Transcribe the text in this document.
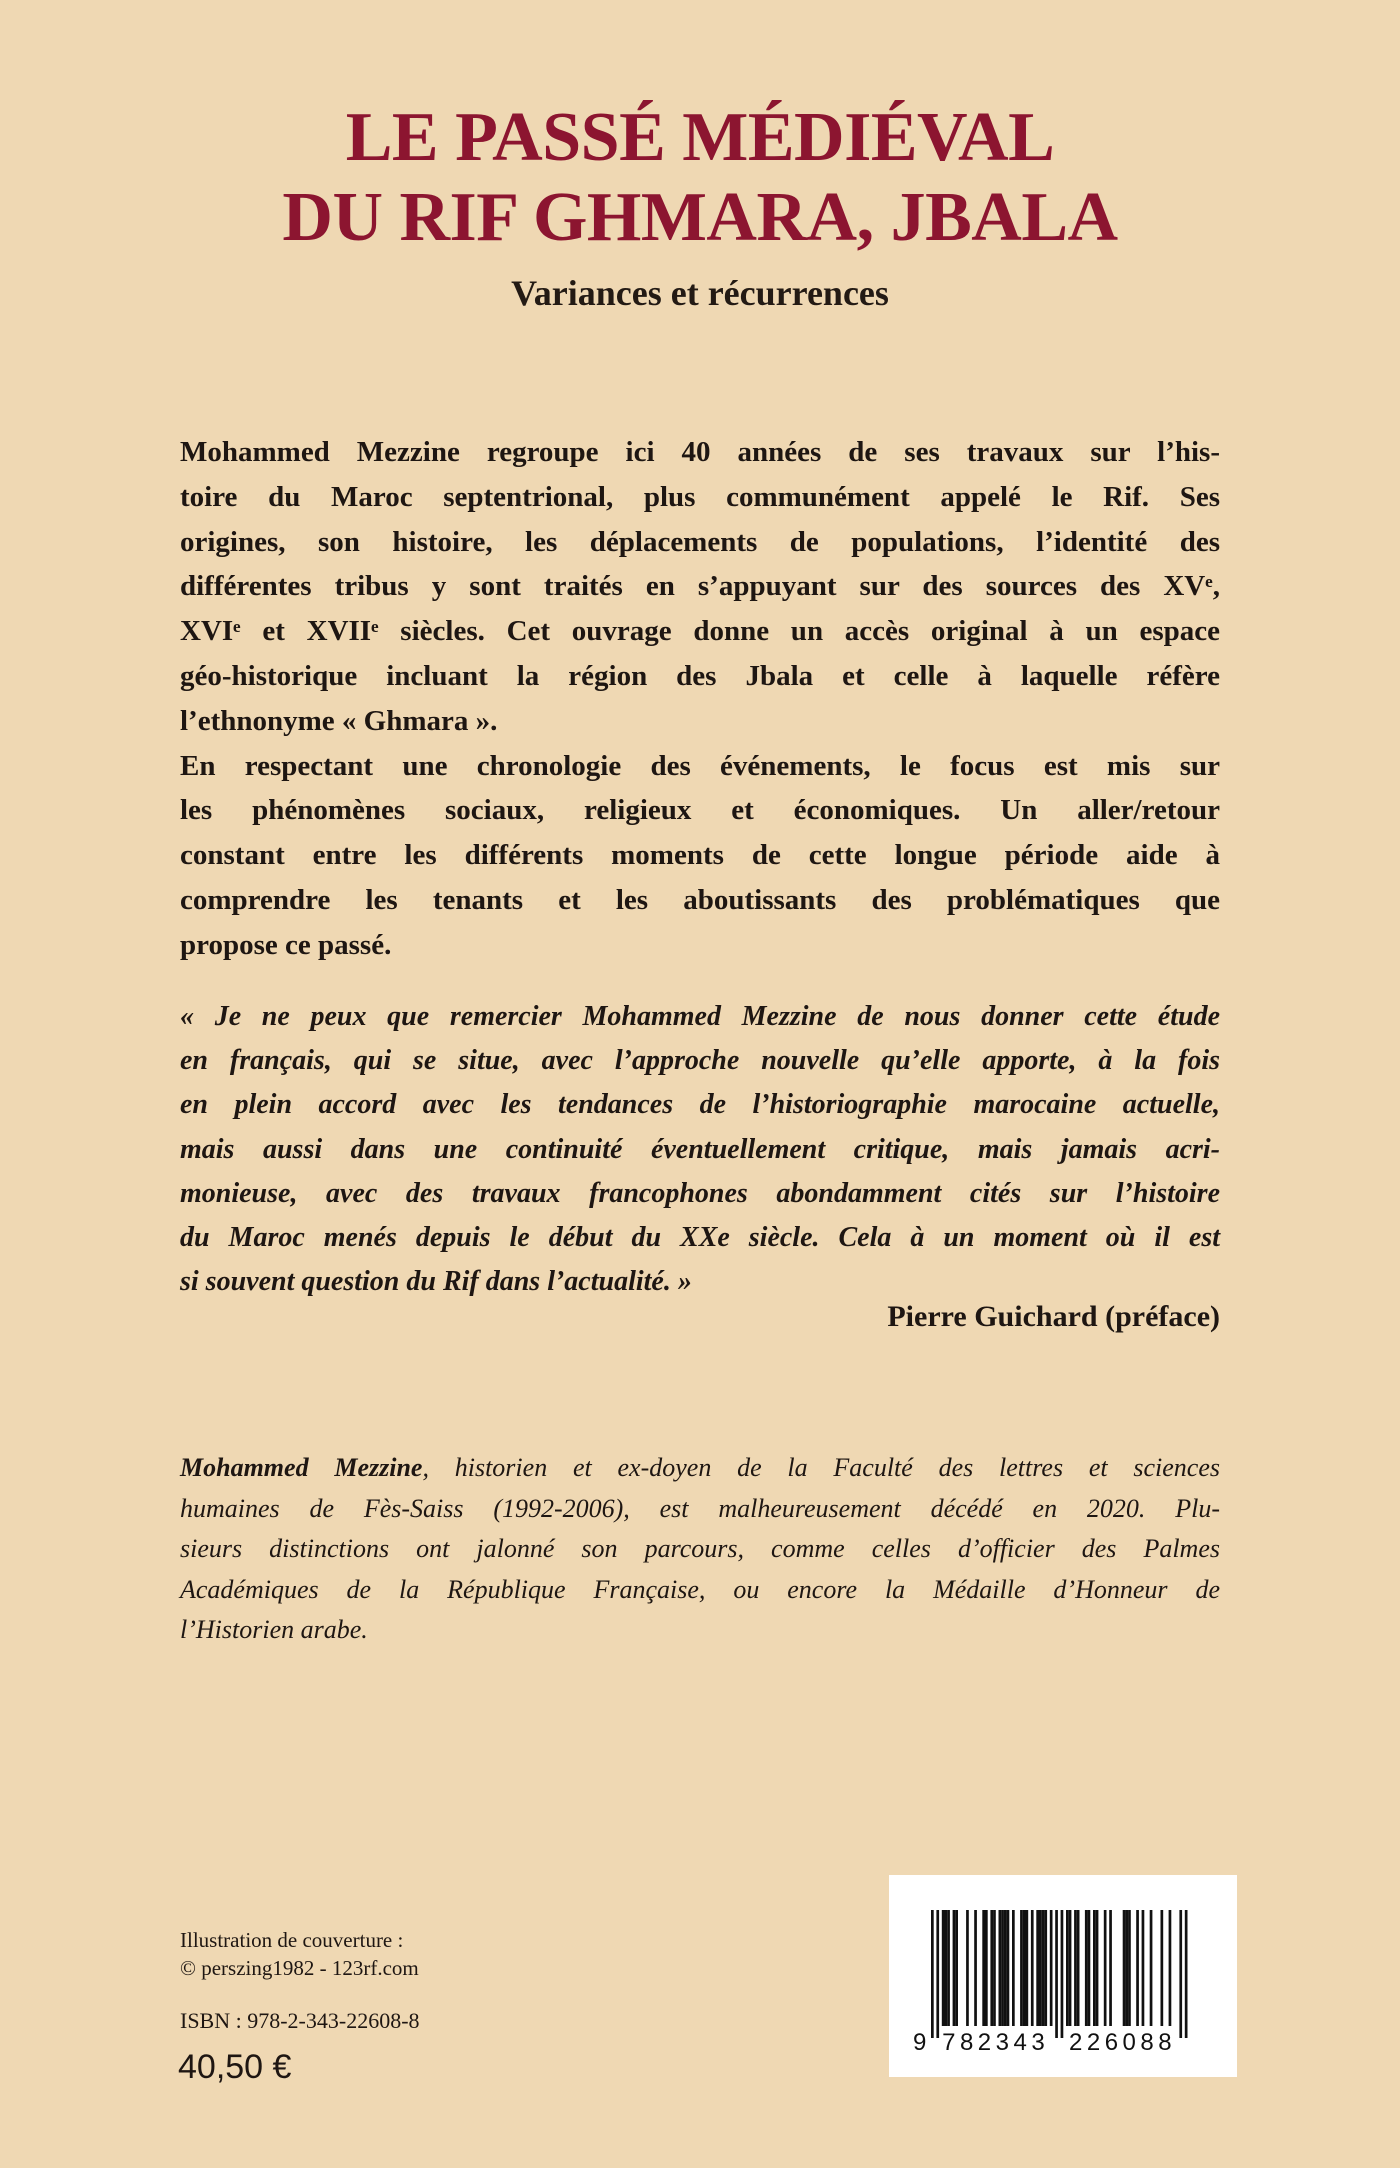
LE PASSÉ MÉDIÉVAL
DU RIF GHMARA, JBALA
Variances et récurrences
Mohammed Mezzine regroupe ici 40 années de ses travaux sur l’his-
toire du Maroc septentrional, plus communément appelé le Rif. Ses
origines, son histoire, les déplacements de populations, l’identité des
différentes tribus y sont traités en s’appuyant sur des sources des XVᵉ,
XVIᵉ et XVIIᵉ siècles. Cet ouvrage donne un accès original à un espace
géo-historique incluant la région des Jbala et celle à laquelle réfère
l’ethnonyme « Ghmara ».
En respectant une chronologie des événements, le focus est mis sur
les phénomènes sociaux, religieux et économiques. Un aller/retour
constant entre les différents moments de cette longue période aide à
comprendre les tenants et les aboutissants des problématiques que
propose ce passé.
« Je ne peux que remercier Mohammed Mezzine de nous donner cette étude
en français, qui se situe, avec l’approche nouvelle qu’elle apporte, à la fois
en plein accord avec les tendances de l’historiographie marocaine actuelle,
mais aussi dans une continuité éventuellement critique, mais jamais acri-
monieuse, avec des travaux francophones abondamment cités sur l’histoire
du Maroc menés depuis le début du XXe siècle. Cela à un moment où il est
si souvent question du Rif dans l’actualité. »
Pierre Guichard (préface)
Mohammed Mezzine, historien et ex-doyen de la Faculté des lettres et sciences
humaines de Fès-Saiss (1992-2006), est malheureusement décédé en 2020. Plu-
sieurs distinctions ont jalonné son parcours, comme celles d’officier des Palmes
Académiques de la République Française, ou encore la Médaille d’Honneur de
l’Historien arabe.
Illustration de couverture :
© perszing1982 - 123rf.com
ISBN : 978-2-343-22608-8
40,50 €
9 782343 226088
